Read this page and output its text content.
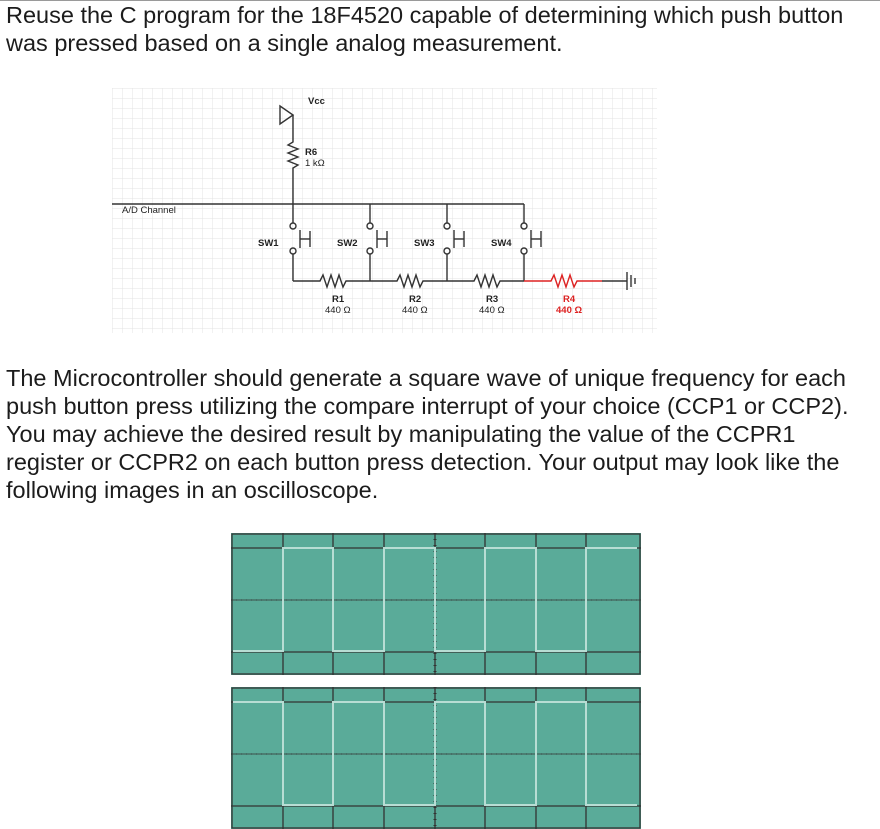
Reuse the C program for the 18F4520 capable of determining which push button was pressed based on a single analog measurement.

Vcc
R6
1 kΩ
A/D Channel
SW1	SW2	SW3	SW4
R1
440 Ω
R2
440 Ω
R3
440 Ω
R4
440 Ω

The Microcontroller should generate a square wave of unique frequency for each push button press utilizing the compare interrupt of your choice (CCP1 or CCP2). You may achieve the desired result by manipulating the value of the CCPR1 register or CCPR2 on each button press detection. Your output may look like the following images in an oscilloscope.
